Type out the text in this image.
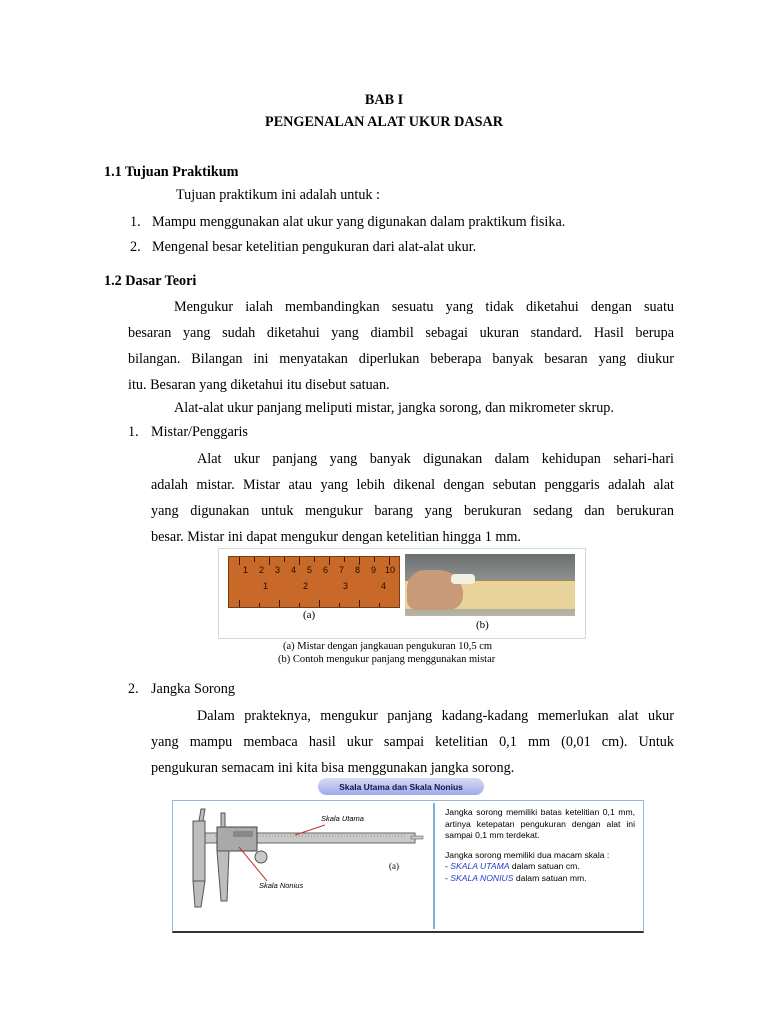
BAB I
PENGENALAN ALAT UKUR DASAR
1.1 Tujuan Praktikum
Tujuan praktikum ini adalah untuk :
1. Mampu menggunakan alat ukur yang digunakan dalam praktikum fisika.
2. Mengenal besar ketelitian pengukuran dari alat-alat ukur.
1.2 Dasar Teori
Mengukur ialah membandingkan sesuatu yang tidak diketahui dengan suatu
besaran yang sudah diketahui yang diambil sebagai ukuran standard. Hasil berupa
bilangan. Bilangan ini menyatakan diperlukan beberapa banyak besaran yang diukur
itu. Besaran yang diketahui itu disebut satuan.
Alat-alat ukur panjang meliputi mistar, jangka sorong, dan mikrometer skrup.
1. Mistar/Penggaris
Alat ukur panjang yang banyak digunakan dalam kehidupan sehari-hari
adalah mistar. Mistar atau yang lebih dikenal dengan sebutan penggaris adalah alat
yang digunakan untuk mengukur barang yang berukuran sedang dan berukuran
besar. Mistar ini dapat mengukur dengan ketelitian hingga 1 mm.
1 2 3 4 5 6 7 8 9 10
1	2	3	4
(a)
(b)
(a) Mistar dengan jangkauan pengukuran 10,5 cm
(b) Contoh mengukur panjang menggunakan mistar
2. Jangka Sorong
Dalam prakteknya, mengukur panjang kadang-kadang memerlukan alat ukur
yang mampu membaca hasil ukur sampai ketelitian 0,1 mm (0,01 cm). Untuk
pengukuran semacam ini kita bisa menggunakan jangka sorong.
Skala Utama dan Skala Nonius
Skala Utama
Skala Nonius
(a)
Jangka sorong memiliki batas ketelitian 0,1 mm, artinya ketepatan pengukuran dengan alat ini sampai 0,1 mm terdekat.
Jangka sorong memiliki dua macam skala :
- SKALA UTAMA dalam satuan cm.
- SKALA NONIUS dalam satuan mm.
